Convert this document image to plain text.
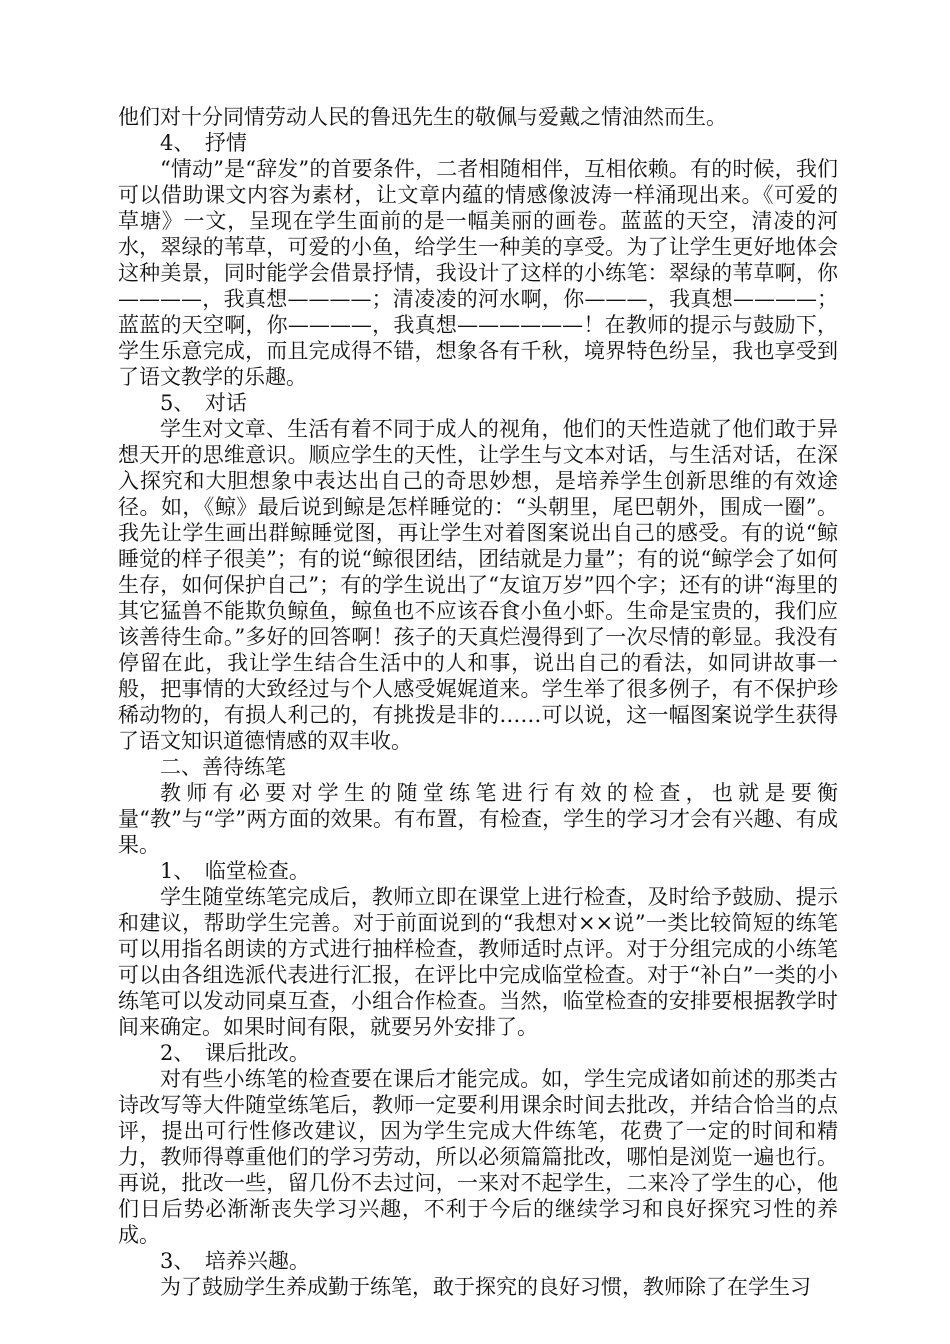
他们对十分同情劳动人民的鲁迅先生的敬佩与爱戴之情油然而生。

4、　抒情

“情动”是“辞发”的首要条件，二者相随相伴，互相依赖。有的时候，我们可以借助课文内容为素材，让文章内蕴的情感像波涛一样涌现出来。《可爱的草塘》一文，呈现在学生面前的是一幅美丽的画卷。蓝蓝的天空，清凌的河水，翠绿的苇草，可爱的小鱼，给学生一种美的享受。为了让学生更好地体会这种美景，同时能学会借景抒情，我设计了这样的小练笔：翠绿的苇草啊，你————，我真想————；清凌凌的河水啊，你———，我真想————；蓝蓝的天空啊，你————，我真想——————！在教师的提示与鼓励下，学生乐意完成，而且完成得不错，想象各有千秋，境界特色纷呈，我也享受到了语文教学的乐趣。

5、　对话

学生对文章、生活有着不同于成人的视角，他们的天性造就了他们敢于异想天开的思维意识。顺应学生的天性，让学生与文本对话，与生活对话，在深入探究和大胆想象中表达出自己的奇思妙想，是培养学生创新思维的有效途径。如，《鲸》最后说到鲸是怎样睡觉的：“头朝里，尾巴朝外，围成一圈”。我先让学生画出群鲸睡觉图，再让学生对着图案说出自己的感受。有的说“鲸睡觉的样子很美”；有的说“鲸很团结，团结就是力量”；有的说“鲸学会了如何生存，如何保护自己”；有的学生说出了“友谊万岁”四个字；还有的讲“海里的其它猛兽不能欺负鲸鱼，鲸鱼也不应该吞食小鱼小虾。生命是宝贵的，我们应该善待生命。”多好的回答啊！孩子的天真烂漫得到了一次尽情的彰显。我没有停留在此，我让学生结合生活中的人和事，说出自己的看法，如同讲故事一般，把事情的大致经过与个人感受娓娓道来。学生举了很多例子，有不保护珍稀动物的，有损人利己的，有挑拨是非的……可以说，这一幅图案说学生获得了语文知识道德情感的双丰收。

二、善待练笔

教师有必要对学生的随堂练笔进行有效的检查，也就是要衡量“教”与“学”两方面的效果。有布置，有检查，学生的学习才会有兴趣、有成果。

1、　临堂检查。

学生随堂练笔完成后，教师立即在课堂上进行检查，及时给予鼓励、提示和建议，帮助学生完善。对于前面说到的“我想对××说”一类比较简短的练笔可以用指名朗读的方式进行抽样检查，教师适时点评。对于分组完成的小练笔可以由各组选派代表进行汇报，在评比中完成临堂检查。对于“补白”一类的小练笔可以发动同桌互查，小组合作检查。当然，临堂检查的安排要根据教学时间来确定。如果时间有限，就要另外安排了。

2、　课后批改。

对有些小练笔的检查要在课后才能完成。如，学生完成诸如前述的那类古诗改写等大件随堂练笔后，教师一定要利用课余时间去批改，并结合恰当的点评，提出可行性修改建议，因为学生完成大件练笔，花费了一定的时间和精力，教师得尊重他们的学习劳动，所以必须篇篇批改，哪怕是浏览一遍也行。再说，批改一些，留几份不去过问，一来对不起学生，二来冷了学生的心，他们日后势必渐渐丧失学习兴趣，不利于今后的继续学习和良好探究习性的养成。

3、　培养兴趣。

为了鼓励学生养成勤于练笔，敢于探究的良好习惯，教师除了在学生习
